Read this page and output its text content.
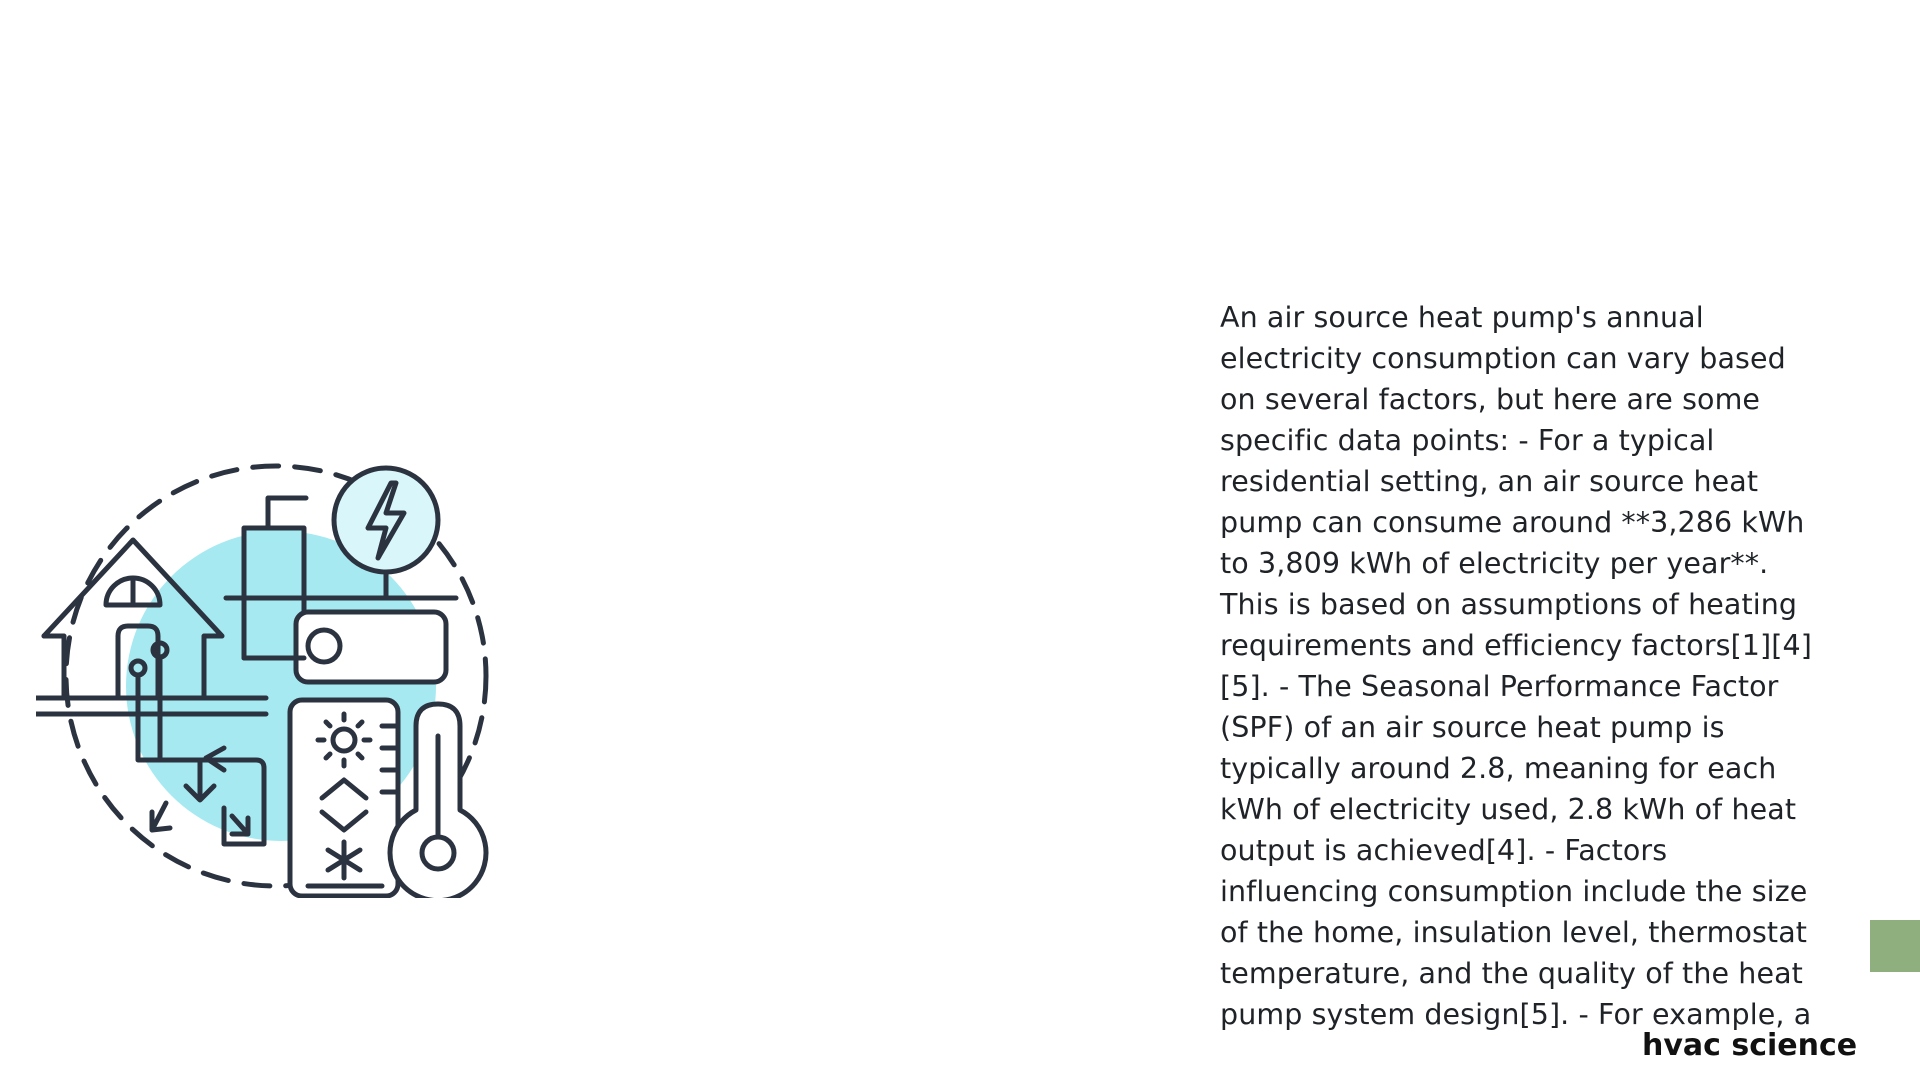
An air source heat pump's annual electricity consumption can vary based on several factors, but here are some specific data points: - For a typical residential setting, an air source heat pump can consume around **3,286 kWh to 3,809 kWh of electricity per year**.

This is based on assumptions of heating requirements and efficiency factors[1][4][5]. - The Seasonal Performance Factor (SPF) of an air source heat pump is typically around 2.8, meaning for each kWh of electricity used, 2.8 kWh of heat output is achieved[4]. - Factors influencing consumption include the size of the home, insulation level, thermostat temperature, and the quality of the heat pump system design[5]. - For example, a

hvac science
